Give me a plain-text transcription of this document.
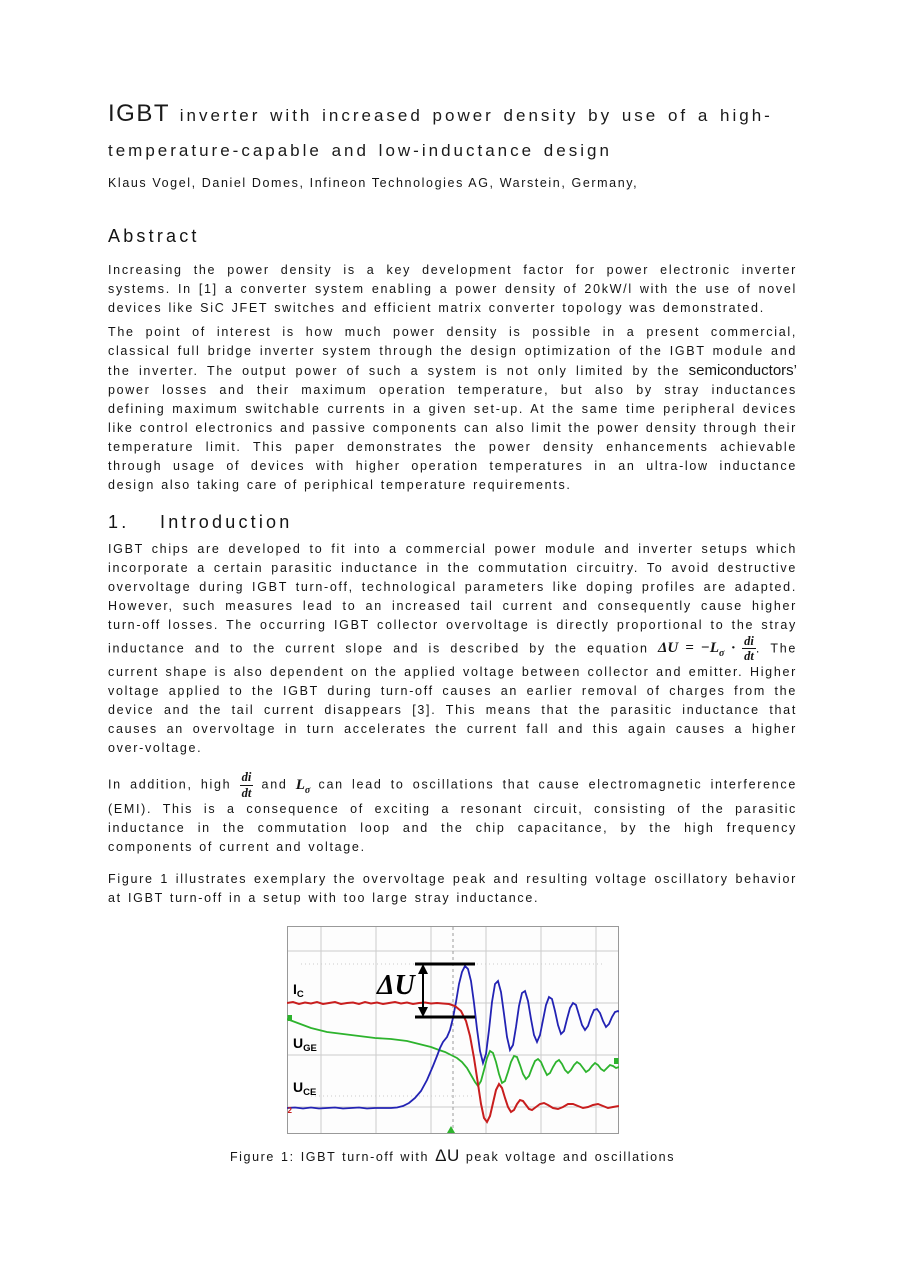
IGBT inverter with increased power density by use of a high-temperature-capable and low-inductance design
Klaus Vogel, Daniel Domes, Infineon Technologies AG, Warstein, Germany,
Abstract

Increasing the power density is a key development factor for power electronic inverter systems. In [1] a converter system enabling a power density of 20kW/l with the use of novel devices like SiC JFET switches and efficient matrix converter topology was demonstrated.

The point of interest is how much power density is possible in a present commercial, classical full bridge inverter system through the design optimization of the IGBT module and the inverter. The output power of such a system is not only limited by the semiconductors’ power losses and their maximum operation temperature, but also by stray inductances defining maximum switchable currents in a given set-up. At the same time peripheral devices like control electronics and passive components can also limit the power density through their temperature limit. This paper demonstrates the power density enhancements achievable through usage of devices with higher operation temperatures in an ultra-low inductance design also taking care of periphical temperature requirements.

1.	Introduction

IGBT chips are developed to fit into a commercial power module and inverter setups which incorporate a certain parasitic inductance in the commutation circuitry. To avoid destructive overvoltage during IGBT turn-off, technological parameters like doping profiles are adapted. However, such measures lead to an increased tail current and consequently cause higher turn-off losses. The occurring IGBT collector overvoltage is directly proportional to the stray inductance and to the current slope and is described by the equation $\Delta U = -L_\sigma \cdot \frac{di}{dt}$ . The current shape is also dependent on the applied voltage between collector and emitter. Higher voltage applied to the IGBT during turn-off causes an earlier removal of charges from the device and the tail current disappears [3]. This means that the parasitic inductance that causes an overvoltage in turn accelerates the current fall and this again causes a higher over-voltage.

In addition, high $\frac{di}{dt}$ and $L_\sigma$ can lead to oscillations that cause electromagnetic interference (EMI). This is a consequence of exciting a resonant circuit, consisting of the parasitic inductance in the commutation loop and the chip capacitance, by the high frequency components of current and voltage.

Figure 1 illustrates exemplary the overvoltage peak and resulting voltage oscillatory behavior at IGBT turn-off in a setup with too large stray inductance.

ΔU
$I_C$
$U_{GE}$
$U_{CE}$
2
Figure 1: IGBT turn-off with ΔU peak voltage and oscillations
